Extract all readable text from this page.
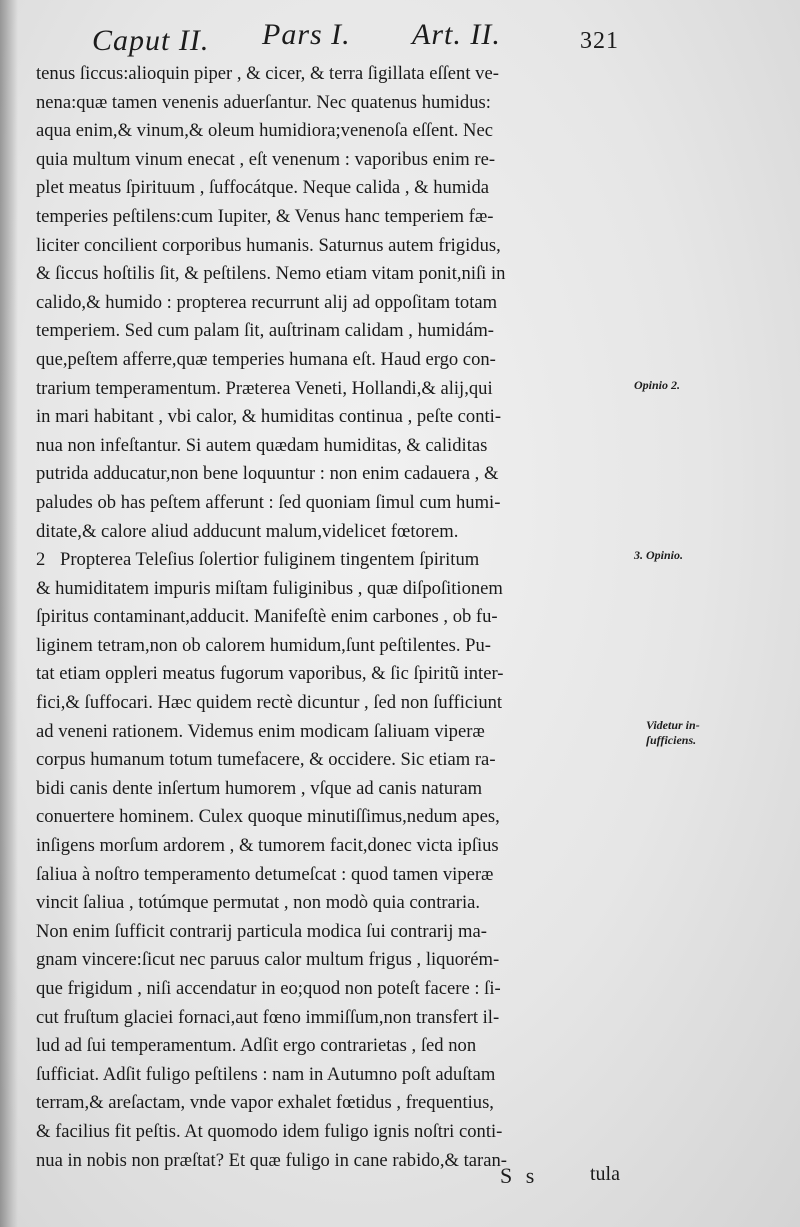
Caput II. Pars I. Art. II.	321
tenus ſiccus:alioquin piper , & cicer, & terra ſigillata eſſent ve-
nena:quæ tamen venenis aduerſantur. Nec quatenus humidus:
aqua enim,& vinum,& oleum humidiora;venenoſa eſſent. Nec
quia multum vinum enecat , eſt venenum : vaporibus enim re-
plet meatus ſpirituum , ſuffocátque. Neque calida , & humida
temperies peſtilens:cum Iupiter, & Venus hanc temperiem fæ-
liciter concilient corporibus humanis. Saturnus autem frigidus,
& ſiccus hoſtilis ſit, & peſtilens. Nemo etiam vitam ponit,niſi in
calido,& humido : propterea recurrunt alij ad oppoſitam totam
temperiem. Sed cum palam ſit, auſtrinam calidam , humidám-
que,peſtem afferre,quæ temperies humana eſt. Haud ergo con-
trarium temperamentum. Præterea Veneti, Hollandi,& alij,qui
in mari habitant , vbi calor, & humiditas continua , peſte conti-
nua non infeſtantur. Si autem quædam humiditas, & caliditas
putrida adducatur,non bene loquuntur : non enim cadauera , &
paludes ob has peſtem afferunt : ſed quoniam ſimul cum humi-
ditate,& calore aliud adducunt malum,videlicet fœtorem.
2 Propterea Teleſius ſolertior fuliginem tingentem ſpiritum
& humiditatem impuris miſtam fuliginibus , quæ diſpoſitionem
ſpiritus contaminant,adducit. Manifeſtè enim carbones , ob fu-
liginem tetram,non ob calorem humidum,ſunt peſtilentes. Pu-
tat etiam oppleri meatus fugorum vaporibus, & ſic ſpiritũ inter-
fici,& ſuffocari. Hæc quidem rectè dicuntur , ſed non ſufficiunt
ad veneni rationem. Videmus enim modicam ſaliuam viperæ
corpus humanum totum tumefacere, & occidere. Sic etiam ra-
bidi canis dente inſertum humorem , vſque ad canis naturam
conuertere hominem. Culex quoque minutiſſimus,nedum apes,
inſigens morſum ardorem , & tumorem facit,donec victa ipſius
ſaliua à noſtro temperamento detumeſcat : quod tamen viperæ
vincit ſaliua , totúmque permutat , non modò quia contraria.
Non enim ſufficit contrarij particula modica ſui contrarij ma-
gnam vincere:ſicut nec paruus calor multum frigus , liquorém-
que frigidum , niſi accendatur in eo;quod non poteſt facere : ſi-
cut fruſtum glaciei fornaci,aut fœno immiſſum,non transfert il-
lud ad ſui temperamentum. Adſit ergo contrarietas , ſed non
ſufficiat. Adſit fuligo peſtilens : nam in Autumno poſt aduſtam
terram,& areſactam, vnde vapor exhalet fœtidus , frequentius,
& facilius fit peſtis. At quomodo idem fuligo ignis noſtri conti-
nua in nobis non præſtat? Et quæ fuligo in cane rabido,& taran-
Opinio 2.
3. Opinio.
Videtur in-
ſufficiens.
S s	tula
